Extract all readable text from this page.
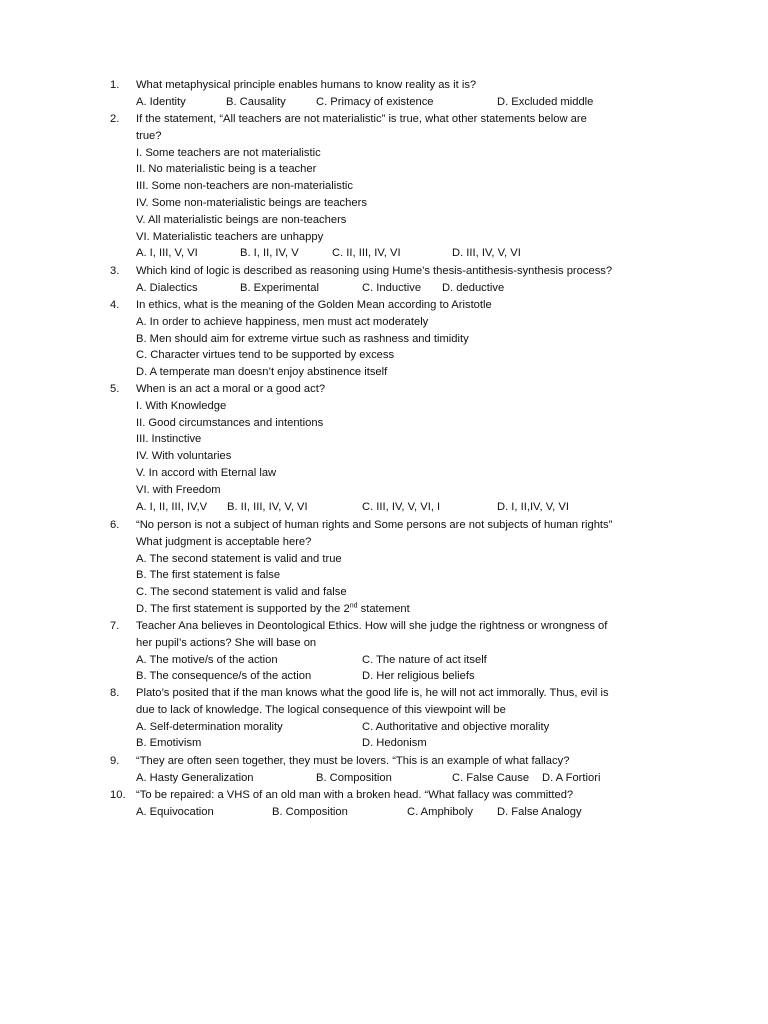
1.	What metaphysical principle enables humans to know reality as it is?
A. Identity	B. Causality	C. Primacy of existence	D. Excluded middle
2.	If the statement, “All teachers are not materialistic” is true, what other statements below are
true?
I. Some teachers are not materialistic
II. No materialistic being is a teacher
III. Some non-teachers are non-materialistic
IV. Some non-materialistic beings are teachers
V. All materialistic beings are non-teachers
VI. Materialistic teachers are unhappy
A. I, III, V, VI	B. I, II, IV, V	C. II, III, IV, VI	D. III, IV, V, VI
3.	Which kind of logic is described as reasoning using Hume’s thesis-antithesis-synthesis process?
A. Dialectics	B. Experimental	C. Inductive D. deductive
4.	In ethics, what is the meaning of the Golden Mean according to Aristotle
A. In order to achieve happiness, men must act moderately
B. Men should aim for extreme virtue such as rashness and timidity
C. Character virtues tend to be supported by excess
D. A temperate man doesn’t enjoy abstinence itself
5.	When is an act a moral or a good act?
I. With Knowledge
II. Good circumstances and intentions
III. Instinctive
IV. With voluntaries
V. In accord with Eternal law
VI. with Freedom
A. I, II, III, IV,V B. II, III, IV, V, VI	C. III, IV, V, VI, I	D. I, II,IV, V, VI
6.	“No person is not a subject of human rights and Some persons are not subjects of human rights”
What judgment is acceptable here?
A. The second statement is valid and true
B. The first statement is false
C. The second statement is valid and false
D. The first statement is supported by the 2nd statement
7.	Teacher Ana believes in Deontological Ethics. How will she judge the rightness or wrongness of
her pupil’s actions? She will base on
A. The motive/s of the action	C. The nature of act itself
B. The consequence/s of the action	D. Her religious beliefs
8.	Plato’s posited that if the man knows what the good life is, he will not act immorally. Thus, evil is
due to lack of knowledge. The logical consequence of this viewpoint will be
A. Self-determination morality	C. Authoritative and objective morality
B. Emotivism	D. Hedonism
9.	“They are often seen together, they must be lovers. “This is an example of what fallacy?
A. Hasty Generalization	B. Composition	C. False Cause D. A Fortiori
10. “To be repaired: a VHS of an old man with a broken head. “What fallacy was committed?
A. Equivocation	B. Composition	C. Amphiboly D. False Analogy
